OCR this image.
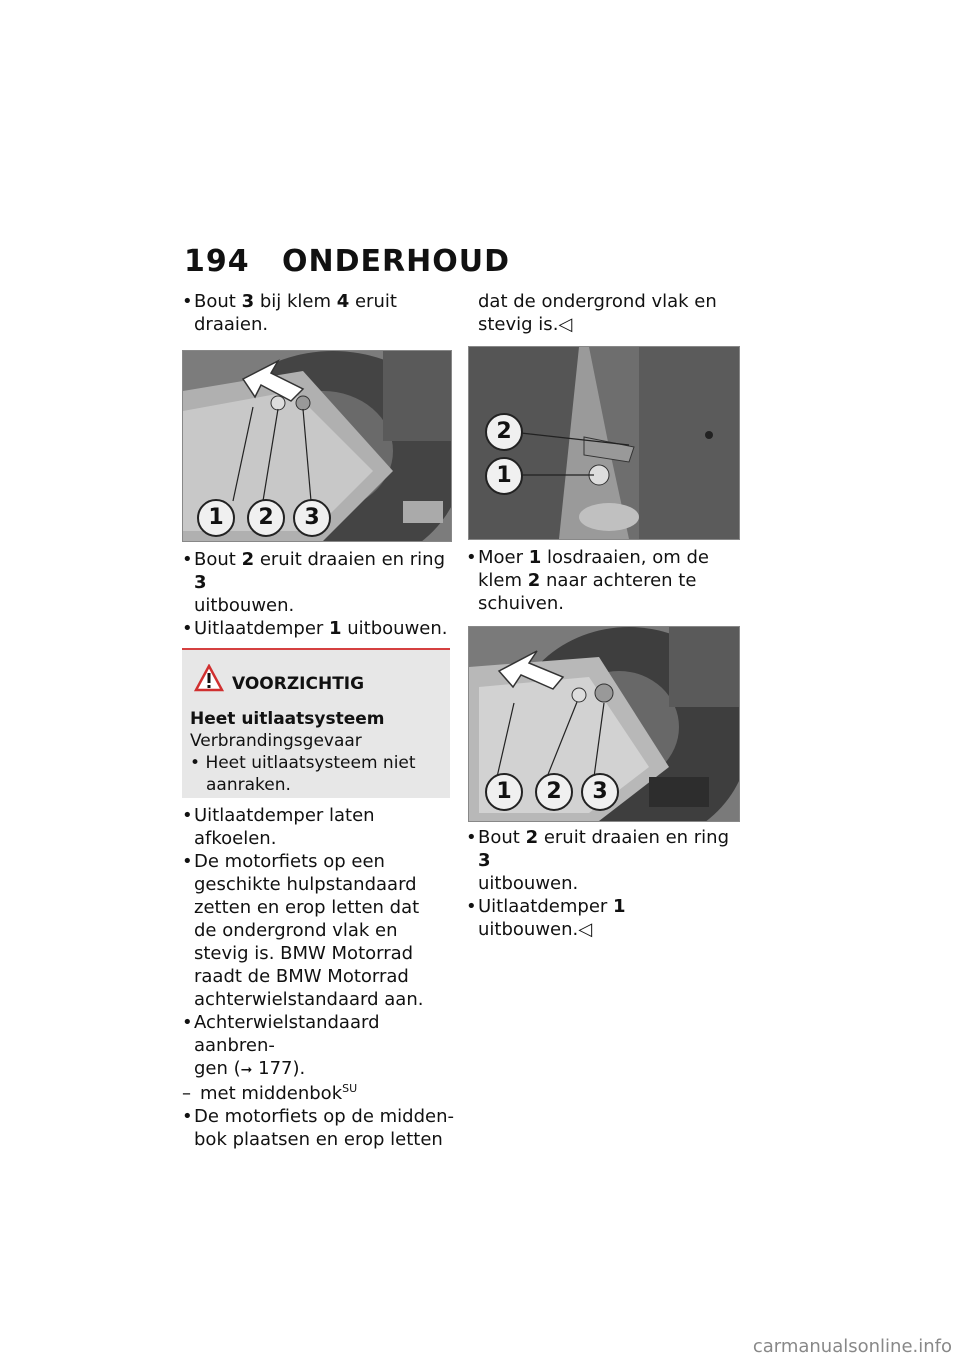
194 ONDERHOUD
• Bout 3 bij klem 4 eruit
draaien.
1	2	3
• Bout 2 eruit draaien en ring 3
uitbouwen.
• Uitlaatdemper 1 uitbouwen.
VOORZICHTIG
Heet uitlaatsysteem
Verbrandingsgevaar
• Heet uitlaatsysteem niet
aanraken.
• Uitlaatdemper laten afkoelen.
• De motorfiets op een
geschikte hulpstandaard
zetten en erop letten dat
de ondergrond vlak en
stevig is. BMW Motorrad
raadt de BMW Motorrad
achterwielstandaard aan.
• Achterwielstandaard aanbren-
gen (➞ 177).
– met middenbok$^{SU}$
• De motorfiets op de midden-
bok plaatsen en erop letten
dat de ondergrond vlak en
stevig is.◁
2
1
• Moer 1 losdraaien, om de
klem 2 naar achteren te
schuiven.
1	2	3
• Bout 2 eruit draaien en ring 3
uitbouwen.
• Uitlaatdemper 1 uitbouwen.◁
carmanualsonline.info
